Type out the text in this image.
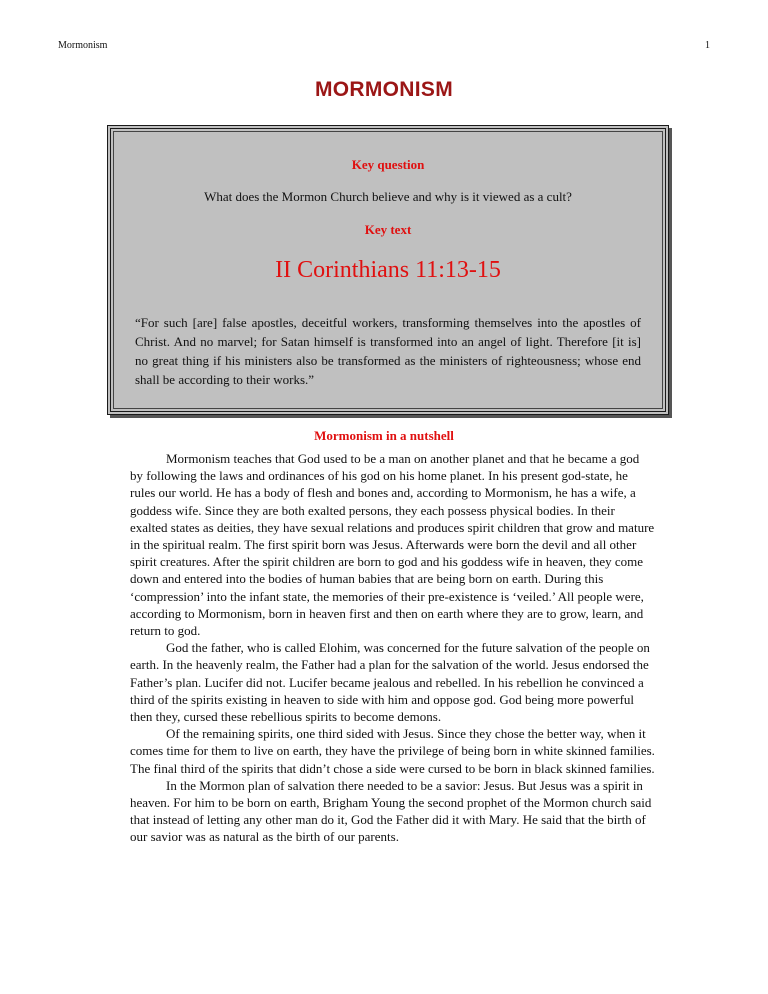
Mormonism	1
MORMONISM
Key question
What does the Mormon Church believe and why is it viewed as a cult?
Key text
II Corinthians 11:13-15
“For such [are] false apostles, deceitful workers, transforming themselves into the apostles of Christ. And no marvel; for Satan himself is transformed into an angel of light. Therefore [it is] no great thing if his ministers also be transformed as the ministers of righteousness; whose end shall be according to their works.”
Mormonism in a nutshell

Mormonism teaches that God used to be a man on another planet and that he became a god by following the laws and ordinances of his god on his home planet. In his present god-state, he rules our world. He has a body of flesh and bones and, according to Mormonism, he has a wife, a goddess wife. Since they are both exalted persons, they each possess physical bodies. In their exalted states as deities, they have sexual relations and produces spirit children that grow and mature in the spiritual realm. The first spirit born was Jesus. Afterwards were born the devil and all other spirit creatures. After the spirit children are born to god and his goddess wife in heaven, they come down and entered into the bodies of human babies that are being born on earth. During this ‘compression’ into the infant state, the memories of their pre-existence is ‘veiled.’ All people were, according to Mormonism, born in heaven first and then on earth where they are to grow, learn, and return to god.

God the father, who is called Elohim, was concerned for the future salvation of the people on earth. In the heavenly realm, the Father had a plan for the salvation of the world. Jesus endorsed the Father’s plan. Lucifer did not. Lucifer became jealous and rebelled. In his rebellion he convinced a third of the spirits existing in heaven to side with him and oppose god. God being more powerful then they, cursed these rebellious spirits to become demons.

Of the remaining spirits, one third sided with Jesus. Since they chose the better way, when it comes time for them to live on earth, they have the privilege of being born in white skinned families. The final third of the spirits that didn’t chose a side were cursed to be born in black skinned families.

In the Mormon plan of salvation there needed to be a savior: Jesus. But Jesus was a spirit in heaven. For him to be born on earth, Brigham Young the second prophet of the Mormon church said that instead of letting any other man do it, God the Father did it with Mary. He said that the birth of our savior was as natural as the birth of our parents.
